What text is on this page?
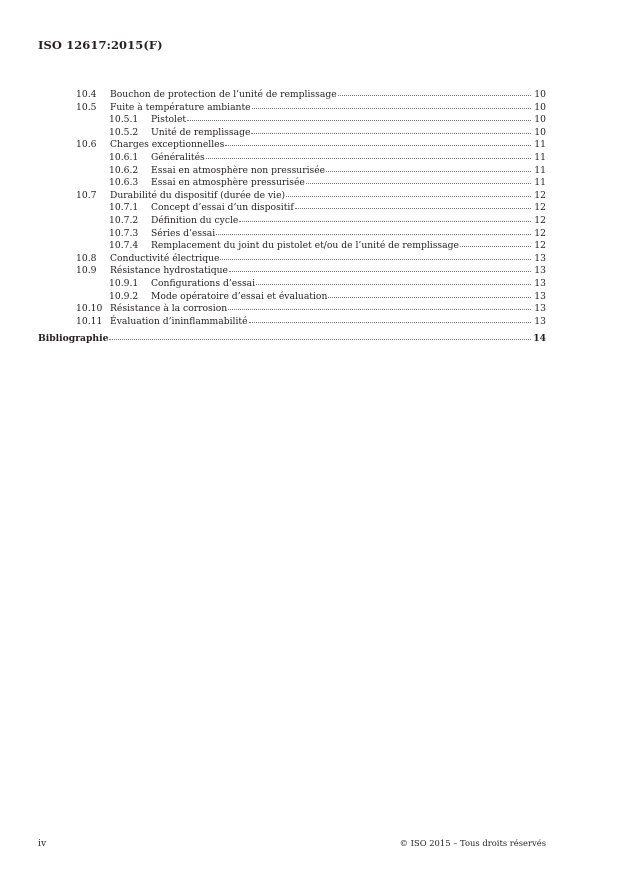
ISO 12617:2015(F)
10.4	Bouchon de protection de l’unité de remplissage	10
10.5	Fuite à température ambiante	10
10.5.1	Pistolet	10
10.5.2	Unité de remplissage	10
10.6	Charges exceptionnelles	11
10.6.1	Généralités	11
10.6.2	Essai en atmosphère non pressurisée	11
10.6.3	Essai en atmosphère pressurisée	11
10.7	Durabilité du dispositif (durée de vie)	12
10.7.1	Concept d’essai d’un dispositif	12
10.7.2	Définition du cycle	12
10.7.3	Séries d’essai	12
10.7.4	Remplacement du joint du pistolet et/ou de l’unité de remplissage	12
10.8	Conductivité électrique	13
10.9	Résistance hydrostatique	13
10.9.1	Configurations d’essai	13
10.9.2	Mode opératoire d’essai et évaluation	13
10.10 Résistance à la corrosion	13
10.11 Évaluation d’ininflammabilité	13
Bibliographie	14
iv	© ISO 2015 – Tous droits réservés
